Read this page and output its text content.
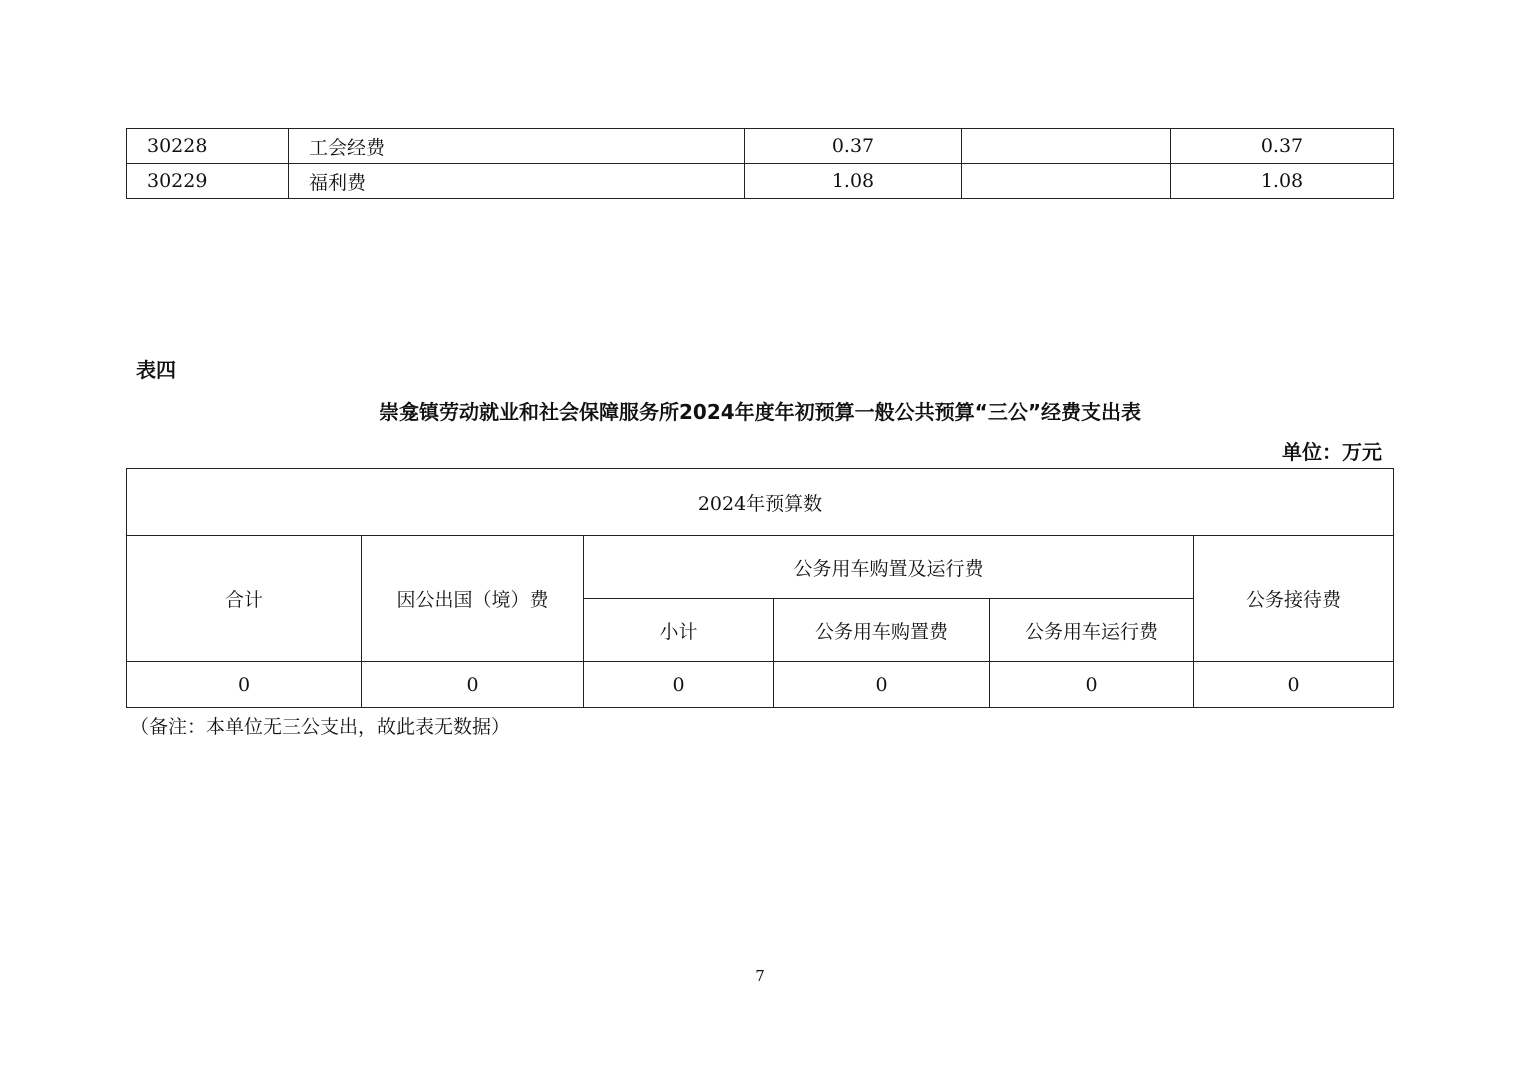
30228	工会经费	0.37		0.37
30229	福利费	1.08		1.08
表四
崇龛镇劳动就业和社会保障服务所2024年度年初预算一般公共预算“三公”经费支出表
单位：万元
2024年预算数					
合计	因公出国（境）费	公务用车购置及运行费			公务接待费
		小计	公务用车购置费	公务用车运行费	
0	0	0	0	0	0
（备注：本单位无三公支出，故此表无数据）
7
